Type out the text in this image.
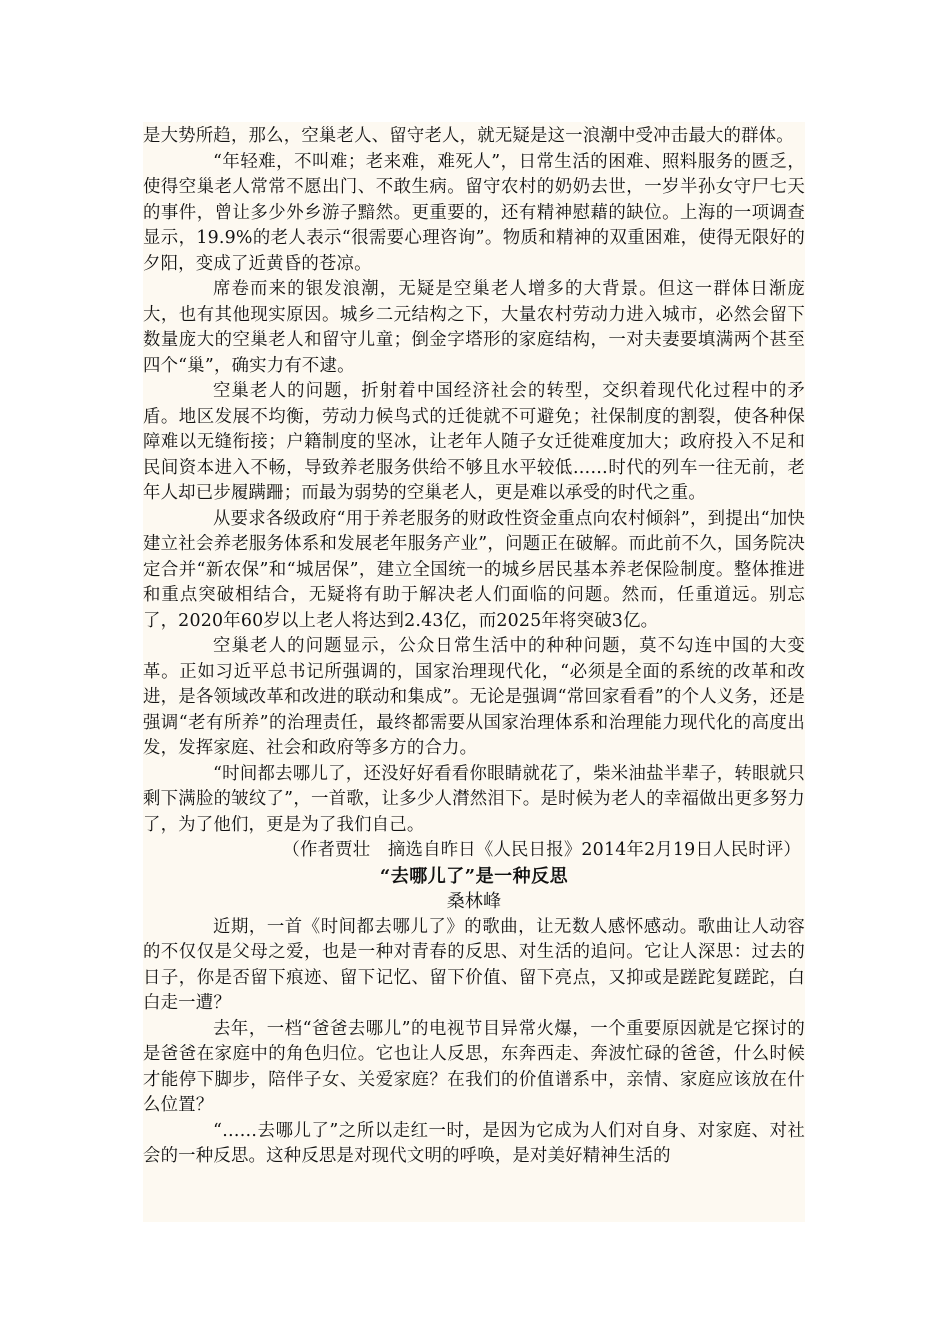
是大势所趋，那么，空巢老人、留守老人，就无疑是这一浪潮中受冲击最大的群体。

“年轻难，不叫难；老来难，难死人”，日常生活的困难、照料服务的匮乏，使得空巢老人常常不愿出门、不敢生病。留守农村的奶奶去世，一岁半孙女守尸七天的事件，曾让多少外乡游子黯然。更重要的，还有精神慰藉的缺位。上海的一项调查显示，19.9%的老人表示“很需要心理咨询”。物质和精神的双重困难，使得无限好的夕阳，变成了近黄昏的苍凉。

席卷而来的银发浪潮，无疑是空巢老人增多的大背景。但这一群体日渐庞大，也有其他现实原因。城乡二元结构之下，大量农村劳动力进入城市，必然会留下数量庞大的空巢老人和留守儿童；倒金字塔形的家庭结构，一对夫妻要填满两个甚至四个“巢”，确实力有不逮。

空巢老人的问题，折射着中国经济社会的转型，交织着现代化过程中的矛盾。地区发展不均衡，劳动力候鸟式的迁徙就不可避免；社保制度的割裂，使各种保障难以无缝衔接；户籍制度的坚冰，让老年人随子女迁徙难度加大；政府投入不足和民间资本进入不畅，导致养老服务供给不够且水平较低……时代的列车一往无前，老年人却已步履蹒跚；而最为弱势的空巢老人，更是难以承受的时代之重。

从要求各级政府“用于养老服务的财政性资金重点向农村倾斜”，到提出“加快建立社会养老服务体系和发展老年服务产业”，问题正在破解。而此前不久，国务院决定合并“新农保”和“城居保”，建立全国统一的城乡居民基本养老保险制度。整体推进和重点突破相结合，无疑将有助于解决老人们面临的问题。然而，任重道远。别忘了，2020年60岁以上老人将达到2.43亿，而2025年将突破3亿。

空巢老人的问题显示，公众日常生活中的种种问题，莫不勾连中国的大变革。正如习近平总书记所强调的，国家治理现代化，“必须是全面的系统的改革和改进，是各领域改革和改进的联动和集成”。无论是强调“常回家看看”的个人义务，还是强调“老有所养”的治理责任，最终都需要从国家治理体系和治理能力现代化的高度出发，发挥家庭、社会和政府等多方的合力。

“时间都去哪儿了，还没好好看看你眼睛就花了，柴米油盐半辈子，转眼就只剩下满脸的皱纹了”，一首歌，让多少人潸然泪下。是时候为老人的幸福做出更多努力了，为了他们，更是为了我们自己。

（作者贾壮　摘选自昨日《人民日报》2014年2月19日人民时评）

“去哪儿了”是一种反思

桑林峰

近期，一首《时间都去哪儿了》的歌曲，让无数人感怀感动。歌曲让人动容的不仅仅是父母之爱，也是一种对青春的反思、对生活的追问。它让人深思：过去的日子，你是否留下痕迹、留下记忆、留下价值、留下亮点，又抑或是蹉跎复蹉跎，白白走一遭？

去年，一档“爸爸去哪儿”的电视节目异常火爆，一个重要原因就是它探讨的是爸爸在家庭中的角色归位。它也让人反思，东奔西走、奔波忙碌的爸爸，什么时候才能停下脚步，陪伴子女、关爱家庭？在我们的价值谱系中，亲情、家庭应该放在什么位置？

“……去哪儿了”之所以走红一时，是因为它成为人们对自身、对家庭、对社会的一种反思。这种反思是对现代文明的呼唤，是对美好精神生活的
